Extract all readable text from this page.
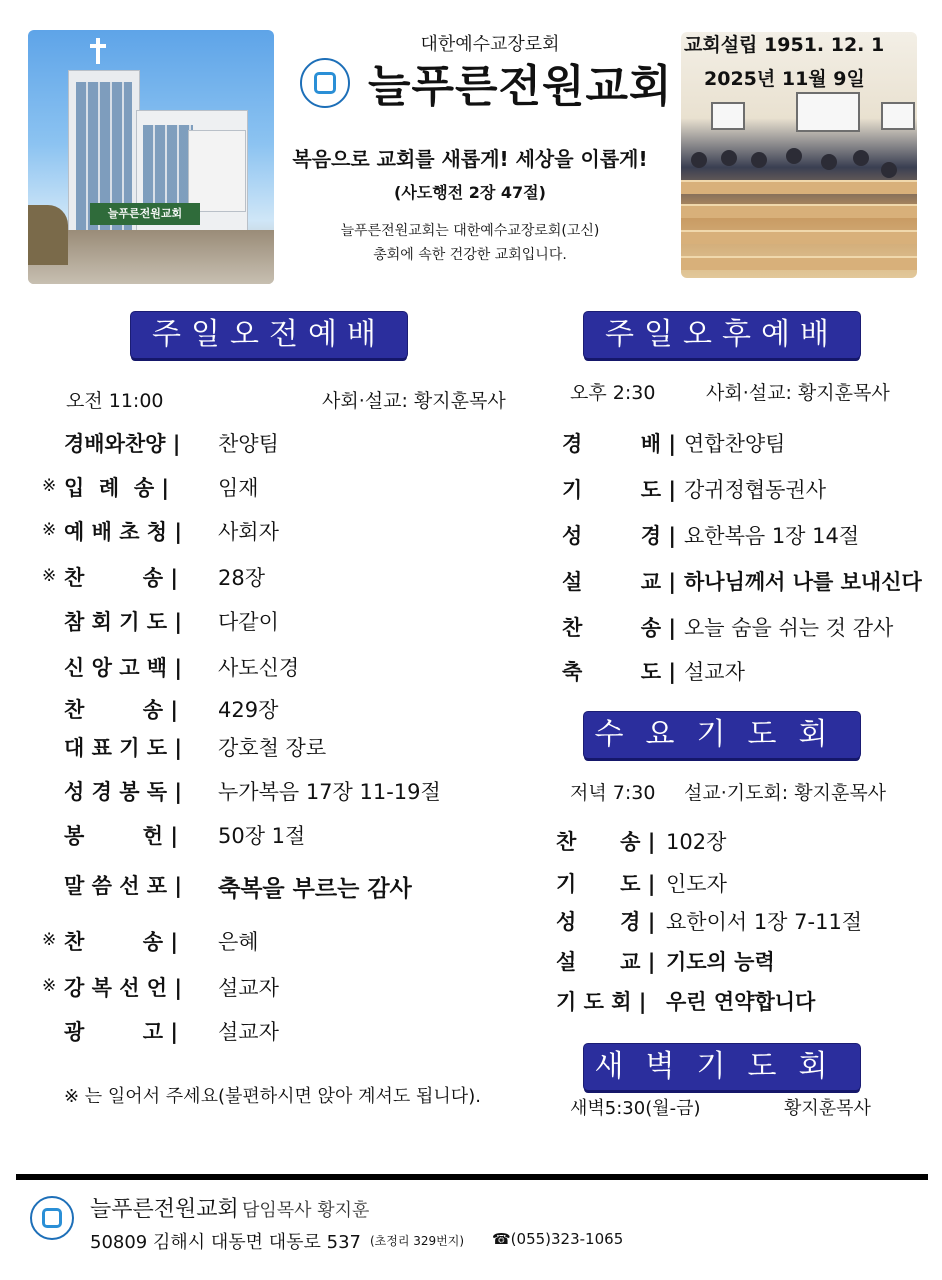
늘푸른전원교회
대한예수교장로회
늘푸른전원교회
복음으로 교회를 새롭게! 세상을 이롭게!
(사도행전 2장 47절)
늘푸른전원교회는 대한예수교장로회(고신)
총회에 속한 건강한 교회입니다.
교회설립 1951. 12. 1
2025년 11월 9일
주일오전예배
오전 11:00	사회·설교: 황지훈목사
경배와찬양 | 찬양팀
※ 입  례  송 | 임재
※ 예 배 초 청 | 사회자
※ 찬        송 | 28장
참 회 기 도 | 다같이
신 앙 고 백 | 사도신경
찬        송 | 429장
대 표 기 도 | 강호철 장로
성 경 봉 독 | 누가복음 17장 11-19절
봉        헌 | 50장 1절
말 씀 선 포 | 축복을 부르는 감사
※ 찬        송 | 은혜
※ 강 복 선 언 | 설교자
광        고 | 설교자
※ 는 일어서 주세요(불편하시면 앉아 계셔도 됩니다).
주일오후예배
오후 2:30	사회·설교: 황지훈목사
경        배 | 연합찬양팀
기        도 | 강귀정협동권사
성        경 | 요한복음 1장 14절
설        교 | 하나님께서 나를 보내신다
찬        송 | 오늘 숨을 쉬는 것 감사
축        도 | 설교자
수요기도회
저녁 7:30 설교·기도회: 황지훈목사
찬      송 | 102장
기      도 | 인도자
성      경 | 요한이서 1장 7-11절
설      교 | 기도의 능력
기 도 회 | 우린 연약합니다
새벽기도회
새벽5:30(월-금)	황지훈목사
늘푸른전원교회 담임목사 황지훈
50809 김해시 대동면 대동로 537 (초정리 329번지) ☎(055)323-1065
